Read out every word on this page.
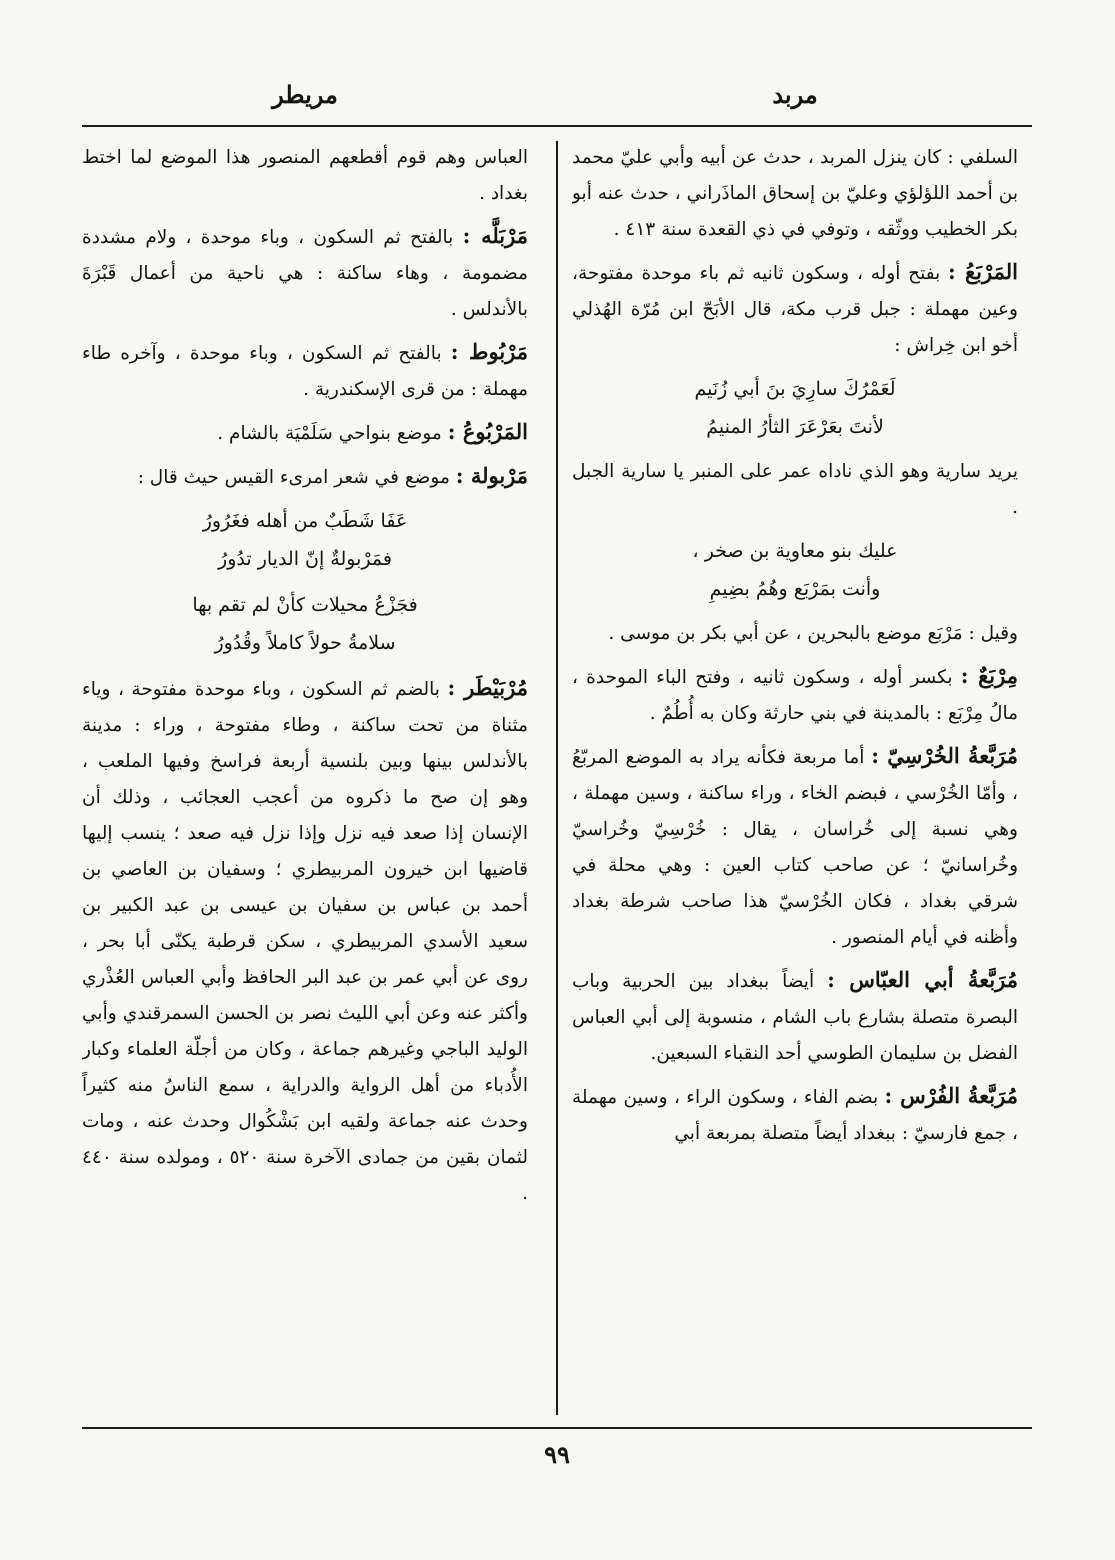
مربد
مريطر

السلفي : كان ينزل المربد ، حدث عن أبيه وأبي عليّ محمد بن أحمد اللؤلؤي وعليّ بن إسحاق الماذَراني ، حدث عنه أبو بكر الخطيب ووثّقه ، وتوفي في ذي القعدة سنة ٤١٣ .

المَرْبَعُ : بفتح أوله ، وسكون ثانيه ثم باء موحدة مفتوحة، وعين مهملة : جبل قرب مكة، قال الأبَحّ ابن مُرّة الهُذلي أخو ابن خِراش :

لَعَمْرُكَ سارِيَ بنَ أبي زُنَيم
لأنتَ بعَرْعَرَ الثأرُ المنيمُ

يريد سارية وهو الذي ناداه عمر على المنبر يا سارية الجبل .

عليك بنو معاوية بن صخر ،
وأنت بمَرْبَع وهُمُ بضِيمِ

وقيل : مَرْبَع موضع بالبحرين ، عن أبي بكر بن موسى .

مِرْبَعٌ : بكسر أوله ، وسكون ثانيه ، وفتح الباء الموحدة ، مالُ مِرْبَع : بالمدينة في بني حارثة وكان به أُطُمٌ .

مُرَبَّعةُ الخُرْسِيّ : أما مربعة فكأنه يراد به الموضع المربّعُ ، وأمّا الخُرْسي ، فبضم الخاء ، وراء ساكنة ، وسين مهملة ، وهي نسبة إلى خُراسان ، يقال : خُرْسِيّ وخُراسيّ وخُراسانيّ ؛ عن صاحب كتاب العين : وهي محلة في شرقي بغداد ، فكان الخُرْسيّ هذا صاحب شرطة بغداد وأظنه في أيام المنصور .

مُرَبَّعةُ أبي العبّاس : أيضاً ببغداد بين الحربية وباب البصرة متصلة بشارع باب الشام ، منسوبة إلى أبي العباس الفضل بن سليمان الطوسي أحد النقباء السبعين.

مُرَبَّعةُ الفُرْس : بضم الفاء ، وسكون الراء ، وسين مهملة ، جمع فارسيّ : ببغداد أيضاً متصلة بمربعة أبي

العباس وهم قوم أقطعهم المنصور هذا الموضع لما اختط بغداد .

مَرْبَلَّه : بالفتح ثم السكون ، وباء موحدة ، ولام مشددة مضمومة ، وهاء ساكنة : هي ناحية من أعمال قَبْرَةَ بالأندلس .

مَرْبُوط : بالفتح ثم السكون ، وباء موحدة ، وآخره طاء مهملة : من قرى الإسكندرية .

المَرْبُوعُ : موضع بنواحي سَلَمْيَة بالشام .

مَرْبولة : موضع في شعر امرىء القيس حيث قال :

عَفَا شَطَبٌ من أهله فغَرُورُ
فمَرْبولةٌ إنّ الديار تدُورُ
فجَزْعُ محيلات كأنْ لم تقم بها
سلامةُ حولاً كاملاً وقُدُورُ

مُرْبَيْطَر : بالضم ثم السكون ، وباء موحدة مفتوحة ، وياء مثناة من تحت ساكنة ، وطاء مفتوحة ، وراء : مدينة بالأندلس بينها وبين بلنسية أربعة فراسخ وفيها الملعب ، وهو إن صح ما ذكروه من أعجب العجائب ، وذلك أن الإنسان إذا صعد فيه نزل وإذا نزل فيه صعد ؛ ينسب إليها قاضيها ابن خيرون المربيطري ؛ وسفيان بن العاصي بن أحمد بن عباس بن سفيان بن عيسى بن عبد الكبير بن سعيد الأسدي المربيطري ، سكن قرطبة يكنّى أبا بحر ، روى عن أبي عمر بن عبد البر الحافظ وأبي العباس العُذْري وأكثر عنه وعن أبي الليث نصر بن الحسن السمرقندي وأبي الوليد الباجي وغيرهم جماعة ، وكان من أجلّة العلماء وكبار الأُدباء من أهل الرواية والدراية ، سمع الناسُ منه كثيراً وحدث عنه جماعة ولقيه ابن بَشْكُوال وحدث عنه ، ومات لثمان بقين من جمادى الآخرة سنة ٥٢٠ ، ومولده سنة ٤٤٠ .

٩٩
